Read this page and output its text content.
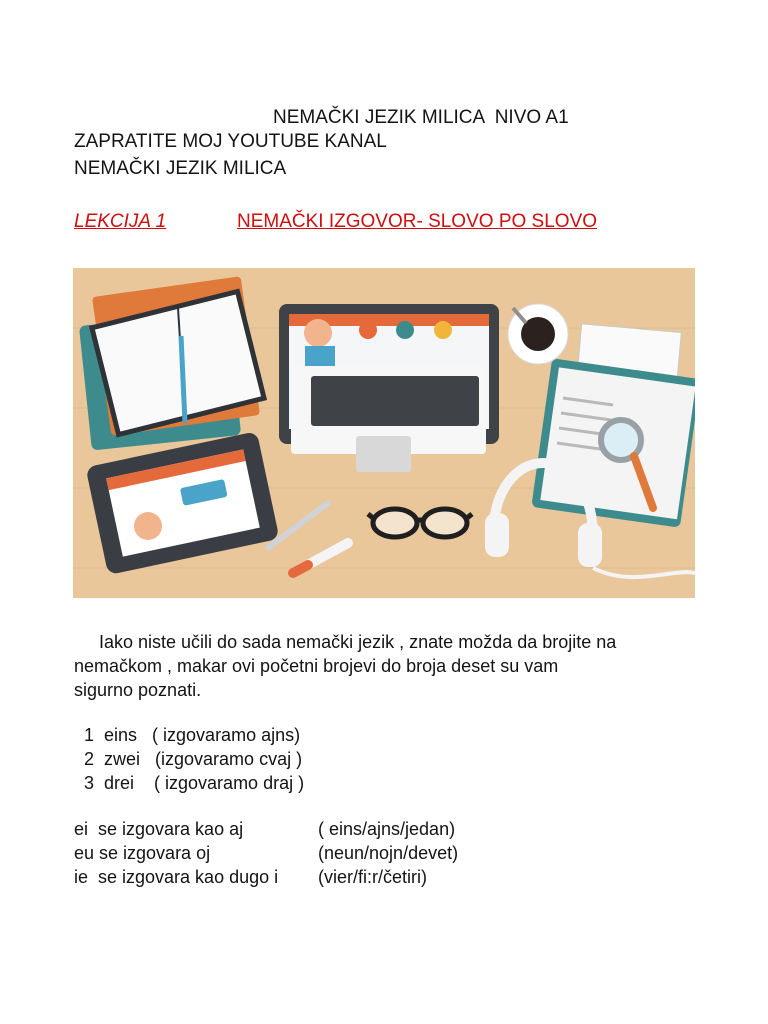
NEMAČKI JEZIK MILICA  NIVO A1
ZAPRATITE MOJ YOUTUBE KANAL
NEMAČKI JEZIK MILICA
LEKCIJA 1	NEMAČKI IZGOVOR- SLOVO PO SLOVO
Iako niste učili do sada nemački jezik , znate možda da brojite na
nemačkom , makar ovi početni brojevi do broja deset su vam
sigurno poznati.
1  eins   ( izgovaramo ajns)
2  zwei   (izgovaramo cvaj )
3  drei    ( izgovaramo draj )
ei  se izgovara kao aj	( eins/ajns/jedan)
eu se izgovara oj	(neun/nojn/devet)
ie  se izgovara kao dugo i (vier/fi:r/četiri)
